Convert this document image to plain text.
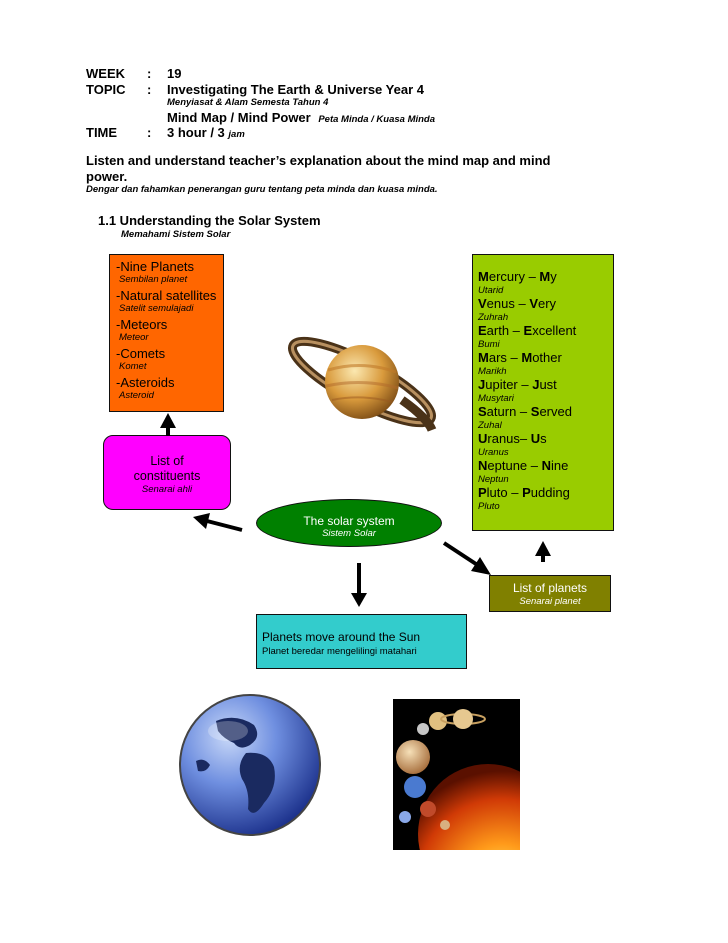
WEEK : 19
TOPIC : Investigating The Earth & Universe Year 4
Menyiasat & Alam Semesta Tahun 4
Mind Map / Mind Power Peta Minda / Kuasa Minda
TIME : 3 hour / 3 jam
Listen and understand teacher’s explanation about the mind map and mind power.
Dengar dan fahamkan penerangan guru tentang peta minda dan kuasa minda.
1.1 Understanding the Solar System
Memahami Sistem Solar
-Nine Planets
Sembilan planet
-Natural satellites
Satelit semulajadi
-Meteors
Meteor
-Comets
Komet
-Asteroids
Asteroid
List of
constituents
Senarai ahli
Mercury – My
Utarid
Venus – Very
Zuhrah
Earth – Excellent
Bumi
Mars – Mother
Marikh
Jupiter – Just
Musytari
Saturn – Served
Zuhal
Uranus– Us
Uranus
Neptune – Nine
Neptun
Pluto – Pudding
Pluto
The solar system
Sistem Solar
Planets move around the Sun
Planet beredar mengelilingi matahari
List of planets
Senarai planet
